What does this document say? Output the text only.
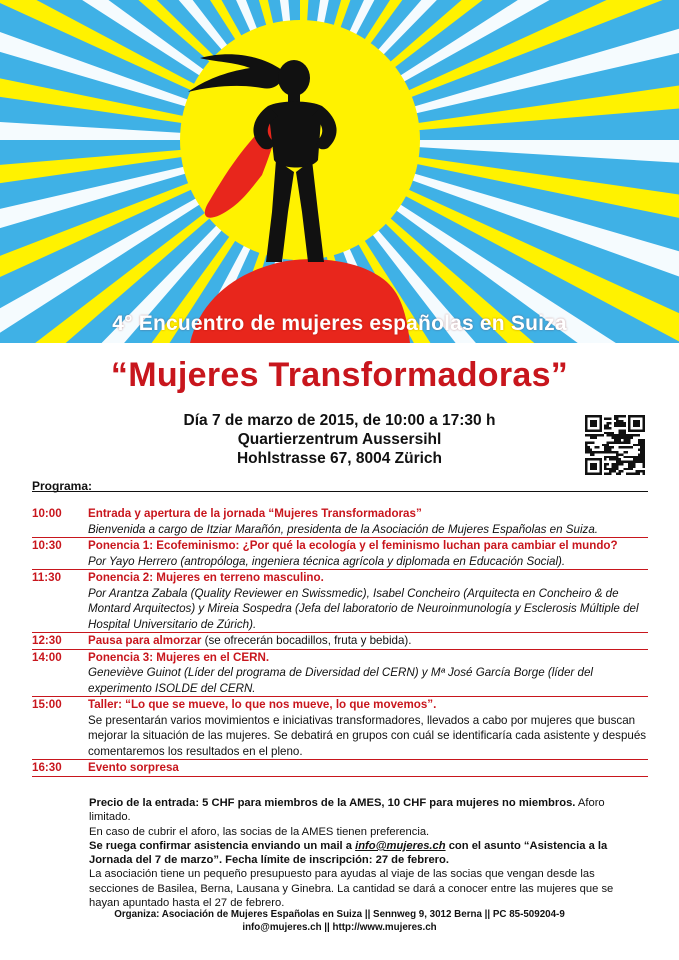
4° Encuentro de mujeres españolas en Suiza
“Mujeres Transformadoras”
Día 7 de marzo de 2015, de 10:00 a 17:30 h
Quartierzentrum Aussersihl
Hohlstrasse 67, 8004 Zürich
Programa:
10:00	Entrada y apertura de la jornada “Mujeres Transformadoras”
Bienvenida a cargo de Itziar Marañón, presidenta de la Asociación de Mujeres Españolas en Suiza.
10:30	Ponencia 1: Ecofeminismo: ¿Por qué la ecología y el feminismo luchan para cambiar el mundo?
Por Yayo Herrero (antropóloga, ingeniera técnica agrícola y diplomada en Educación Social).
11:30	Ponencia 2: Mujeres en terreno masculino.
Por Arantza Zabala (Quality Reviewer en Swissmedic), Isabel Concheiro (Arquitecta en Concheiro & de Montard Arquitectos) y Mireia Sospedra (Jefa del laboratorio de Neuroinmunología y Esclerosis Múltiple del Hospital Universitario de Zúrich).
12:30	Pausa para almorzar (se ofrecerán bocadillos, fruta y bebida).
14:00	Ponencia 3: Mujeres en el CERN.
Geneviève Guinot (Líder del programa de Diversidad del CERN) y Mª José García Borge (líder del experimento ISOLDE del CERN.
15:00	Taller: “Lo que se mueve, lo que nos mueve, lo que movemos”.
Se presentarán varios movimientos e iniciativas transformadores, llevados a cabo por mujeres que buscan mejorar la situación de las mujeres. Se debatirá en grupos con cuál se identificaría cada asistente y después comentaremos los resultados en el pleno.
16:30	Evento sorpresa
Precio de la entrada: 5 CHF para miembros de la AMES, 10 CHF para mujeres no miembros. Aforo limitado.
En caso de cubrir el aforo, las socias de la AMES tienen preferencia.
Se ruega confirmar asistencia enviando un mail a info@mujeres.ch con el asunto “Asistencia a la Jornada del 7 de marzo”. Fecha límite de inscripción: 27 de febrero.
La asociación tiene un pequeño presupuesto para ayudas al viaje de las socias que vengan desde las secciones de Basilea, Berna, Lausana y Ginebra. La cantidad se dará a conocer entre las mujeres que se hayan apuntado hasta el 27 de febrero.
Organiza: Asociación de Mujeres Españolas en Suiza || Sennweg 9, 3012 Berna || PC 85-509204-9
info@mujeres.ch || http://www.mujeres.ch
